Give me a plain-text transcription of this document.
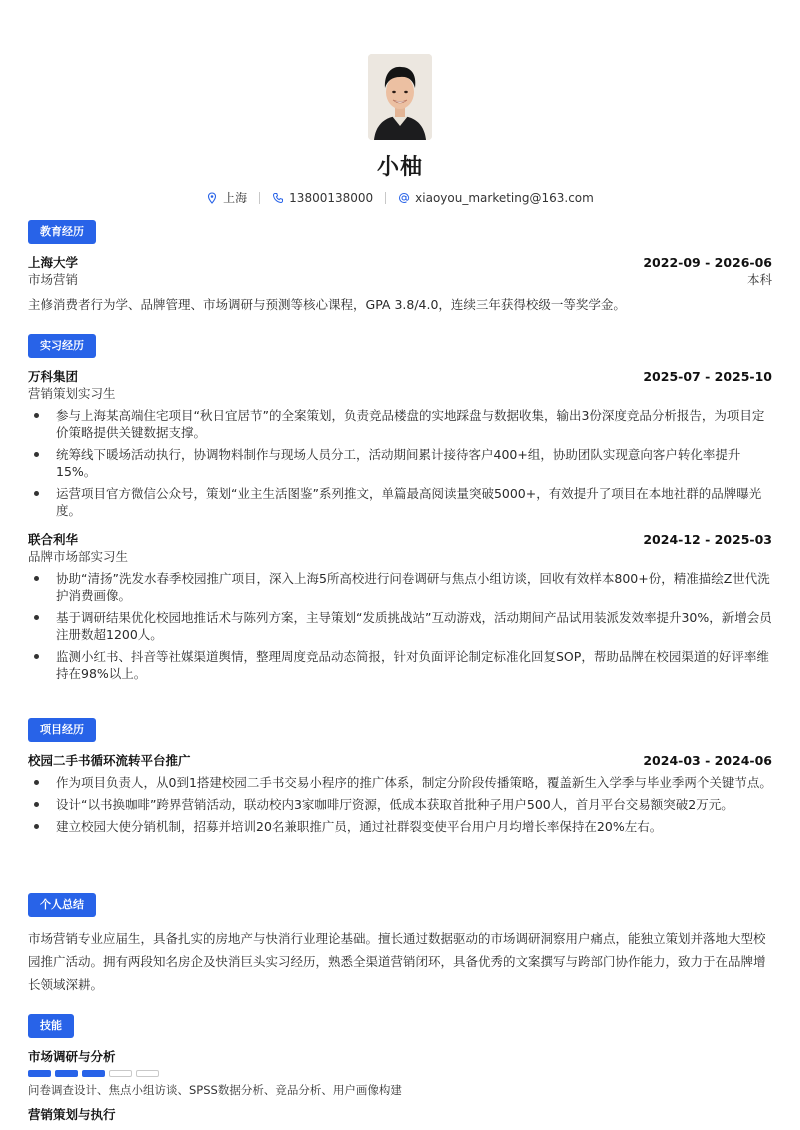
小柚
上海	13800138000	xiaoyou_marketing@163.com
教育经历
上海大学	2022-09 - 2026-06
市场营销	本科
主修消费者行为学、品牌管理、市场调研与预测等核心课程，GPA 3.8/4.0，连续三年获得校级一等奖学金。
实习经历
万科集团	2025-07 - 2025-10
营销策划实习生
参与上海某高端住宅项目“秋日宜居节”的全案策划，负责竞品楼盘的实地踩盘与数据收集，输出3份深度竞品分析报告，为项目定价策略提供关键数据支撑。
统筹线下暖场活动执行，协调物料制作与现场人员分工，活动期间累计接待客户400+组，协助团队实现意向客户转化率提升15%。
运营项目官方微信公众号，策划“业主生活图鉴”系列推文，单篇最高阅读量突破5000+，有效提升了项目在本地社群的品牌曝光度。
联合利华	2024-12 - 2025-03
品牌市场部实习生
协助“清扬”洗发水春季校园推广项目，深入上海5所高校进行问卷调研与焦点小组访谈，回收有效样本800+份，精准描绘Z世代洗护消费画像。
基于调研结果优化校园地推话术与陈列方案，主导策划“发质挑战站”互动游戏，活动期间产品试用装派发效率提升30%，新增会员注册数超1200人。
监测小红书、抖音等社媒渠道舆情，整理周度竞品动态简报，针对负面评论制定标准化回复SOP，帮助品牌在校园渠道的好评率维持在98%以上。
项目经历
校园二手书循环流转平台推广	2024-03 - 2024-06
作为项目负责人，从0到1搭建校园二手书交易小程序的推广体系，制定分阶段传播策略，覆盖新生入学季与毕业季两个关键节点。
设计“以书换咖啡”跨界营销活动，联动校内3家咖啡厅资源，低成本获取首批种子用户500人，首月平台交易额突破2万元。
建立校园大使分销机制，招募并培训20名兼职推广员，通过社群裂变使平台用户月均增长率保持在20%左右。
个人总结
市场营销专业应届生，具备扎实的房地产与快消行业理论基础。擅长通过数据驱动的市场调研洞察用户痛点，能独立策划并落地大型校园推广活动。拥有两段知名房企及快消巨头实习经历，熟悉全渠道营销闭环，具备优秀的文案撰写与跨部门协作能力，致力于在品牌增长领域深耕。
技能
市场调研与分析
问卷调查设计、焦点小组访谈、SPSS数据分析、竞品分析、用户画像构建
营销策划与执行
